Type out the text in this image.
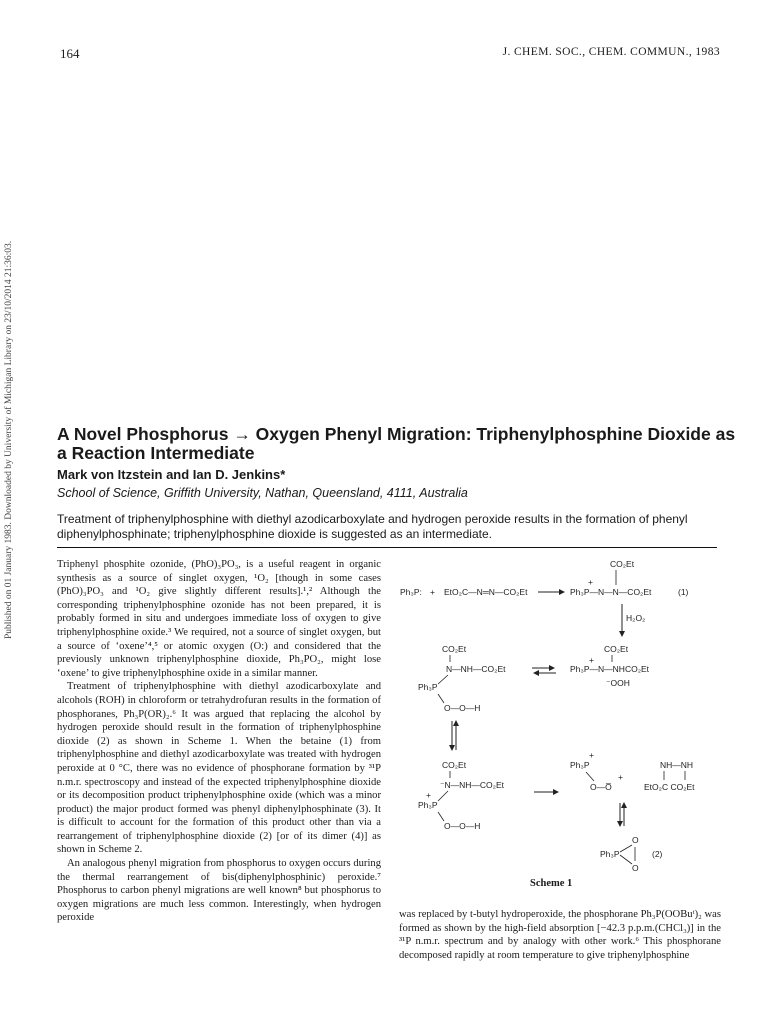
164	J. CHEM. SOC., CHEM. COMMUN., 1983
Published on 01 January 1983. Downloaded by University of Michigan Library on 23/10/2014 21:36:03.	A Novel Phosphorus → Oxygen Phenyl Migration: Triphenylphosphine Dioxide as a Reaction Intermediate
Mark von Itzstein and Ian D. Jenkins*
School of Science, Griffith University, Nathan, Queensland, 4111, Australia
Treatment of triphenylphosphine with diethyl azodicarboxylate and hydrogen peroxide results in the formation of phenyl diphenylphosphinate; triphenylphosphine dioxide is suggested as an intermediate.

Triphenyl phosphite ozonide, (PhO)₃PO₃, is a useful reagent in organic synthesis as a source of singlet oxygen, ¹O₂ [though in some cases (PhO)₃PO₃ and ¹O₂ give slightly different results].¹,² Although the corresponding triphenylphosphine ozonide has not been prepared, it is probably formed in situ and undergoes immediate loss of oxygen to give triphenylphosphine oxide.³ We required, not a source of singlet oxygen, but a source of ‘oxene’⁴,⁵ or atomic oxygen (O:) and considered that the previously unknown triphenylphosphine dioxide, Ph₃PO₂, might lose ‘oxene’ to give triphenylphosphine oxide in a similar manner.

Treatment of triphenylphosphine with diethyl azodicarboxylate and alcohols (ROH) in chloroform or tetrahydrofuran results in the formation of phosphoranes, Ph₃P(OR)₂.⁶ It was argued that replacing the alcohol by hydrogen peroxide should result in the formation of triphenylphosphine dioxide (2) as shown in Scheme 1. When the betaine (1) from triphenylphosphine and diethyl azodicarboxylate was treated with hydrogen peroxide at 0 °C, there was no evidence of phosphorane formation by ³¹P n.m.r. spectroscopy and instead of the expected triphenylphosphine dioxide or its decomposition product triphenylphosphine oxide (which was a minor product) the major product formed was phenyl diphenylphosphinate (3). It is difficult to account for the formation of this product other than via a rearrangement of triphenylphosphine dioxide (2) [or of its dimer (4)] as shown in Scheme 2.

An analogous phenyl migration from phosphorus to oxygen occurs during the thermal rearrangement of bis(diphenylphosphinic) peroxide.⁷ Phosphorus to carbon phenyl migrations are well known⁸ but phosphorus to oxygen migrations are much less common. Interestingly, when hydrogen peroxide

Ph₃P: + EtO₂C—N═N—CO₂Et	Ph₃P—N—N—CO₂Et
CO₂Et
+
(1)
H₂O₂
CO₂Et
N—NH—CO₂Et
Ph₃P
O—O—H
CO₂Et
+
Ph₃P—N—NHCO₂Et
⁻OOH
CO₂Et
⁻N—NH—CO₂Et
+
Ph₃P
O—O—H
+
Ph₃P
O—O̅
+
NH—NH
EtO₂C CO₂Et
O
Ph₃P
O
(2)
Scheme 1

was replaced by t-butyl hydroperoxide, the phosphorane Ph₃P(OOBuᵗ)₂ was formed as shown by the high-field absorption [−42.3 p.p.m.(CHCl₃)] in the ³¹P n.m.r. spectrum and by analogy with other work.⁶ This phosphorane decomposed rapidly at room temperature to give triphenylphosphine
